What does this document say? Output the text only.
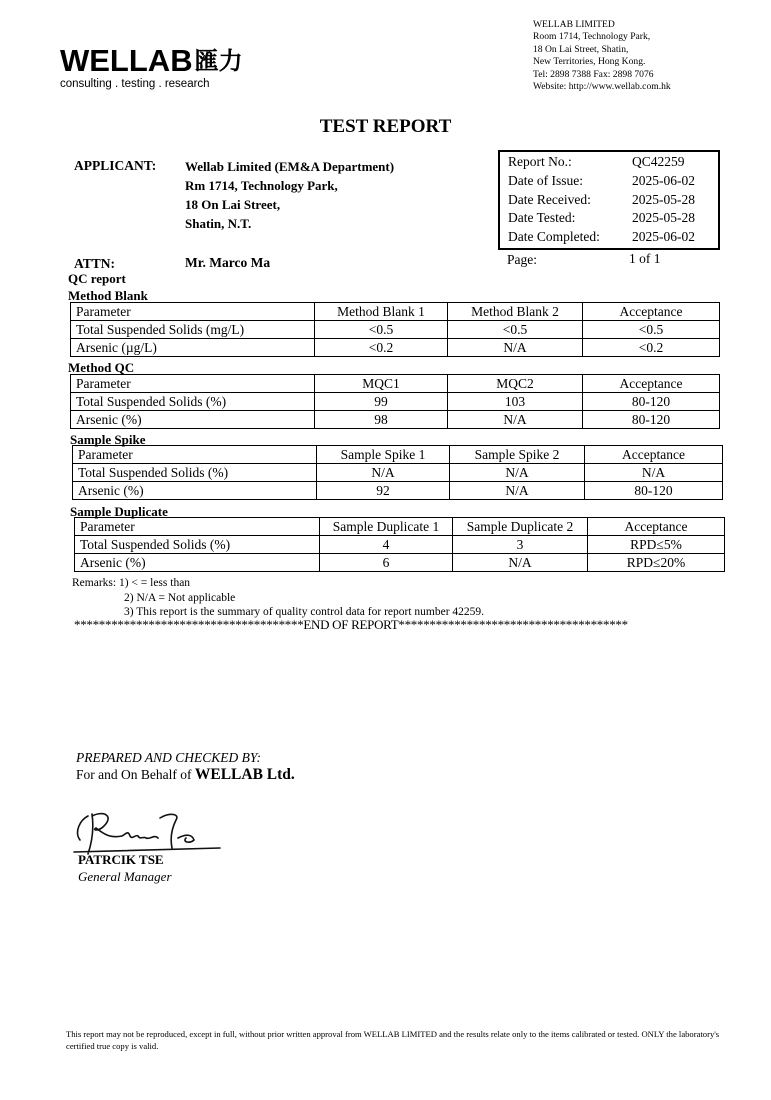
WELLAB匯力
consulting . testing . research
WELLAB LIMITED
Room 1714, Technology Park,
18 On Lai Street, Shatin,
New Territories, Hong Kong.
Tel: 2898 7388 Fax: 2898 7076
Website: http://www.wellab.com.hk
TEST REPORT
APPLICANT: Wellab Limited (EM&A Department)
Rm 1714, Technology Park,
18 On Lai Street,
Shatin, N.T.
Report No.:	QC42259
Date of Issue:	2025-06-02
Date Received:	2025-05-28
Date Tested:	2025-05-28
Date Completed: 2025-06-02
ATTN:	Mr. Marco Ma	Page:	1 of 1
QC report
Method Blank
Parameter	Method Blank 1	Method Blank 2	Acceptance
Total Suspended Solids (mg/L)	<0.5	<0.5	<0.5
Arsenic (µg/L)	<0.2	N/A	<0.2
Method QC
Parameter	MQC1	MQC2	Acceptance
Total Suspended Solids (%)	99	103	80-120
Arsenic (%)	98	N/A	80-120
Sample Spike
Parameter	Sample Spike 1	Sample Spike 2	Acceptance
Total Suspended Solids (%)	N/A	N/A	N/A
Arsenic (%)	92	N/A	80-120
Sample Duplicate
Parameter	Sample Duplicate 1	Sample Duplicate 2	Acceptance
Total Suspended Solids (%)	4	3	RPD≤5%
Arsenic (%)	6	N/A	RPD≤20%
Remarks: 1) < = less than
2) N/A = Not applicable
3) This report is the summary of quality control data for report number 42259.
*************************************END OF REPORT*************************************
PREPARED AND CHECKED BY:
For and On Behalf of WELLAB Ltd.
PATRCIK TSE
General Manager
This report may not be reproduced, except in full, without prior written approval from WELLAB LIMITED and the results relate only to the items calibrated or tested. ONLY the laboratory's certified true copy is valid.
